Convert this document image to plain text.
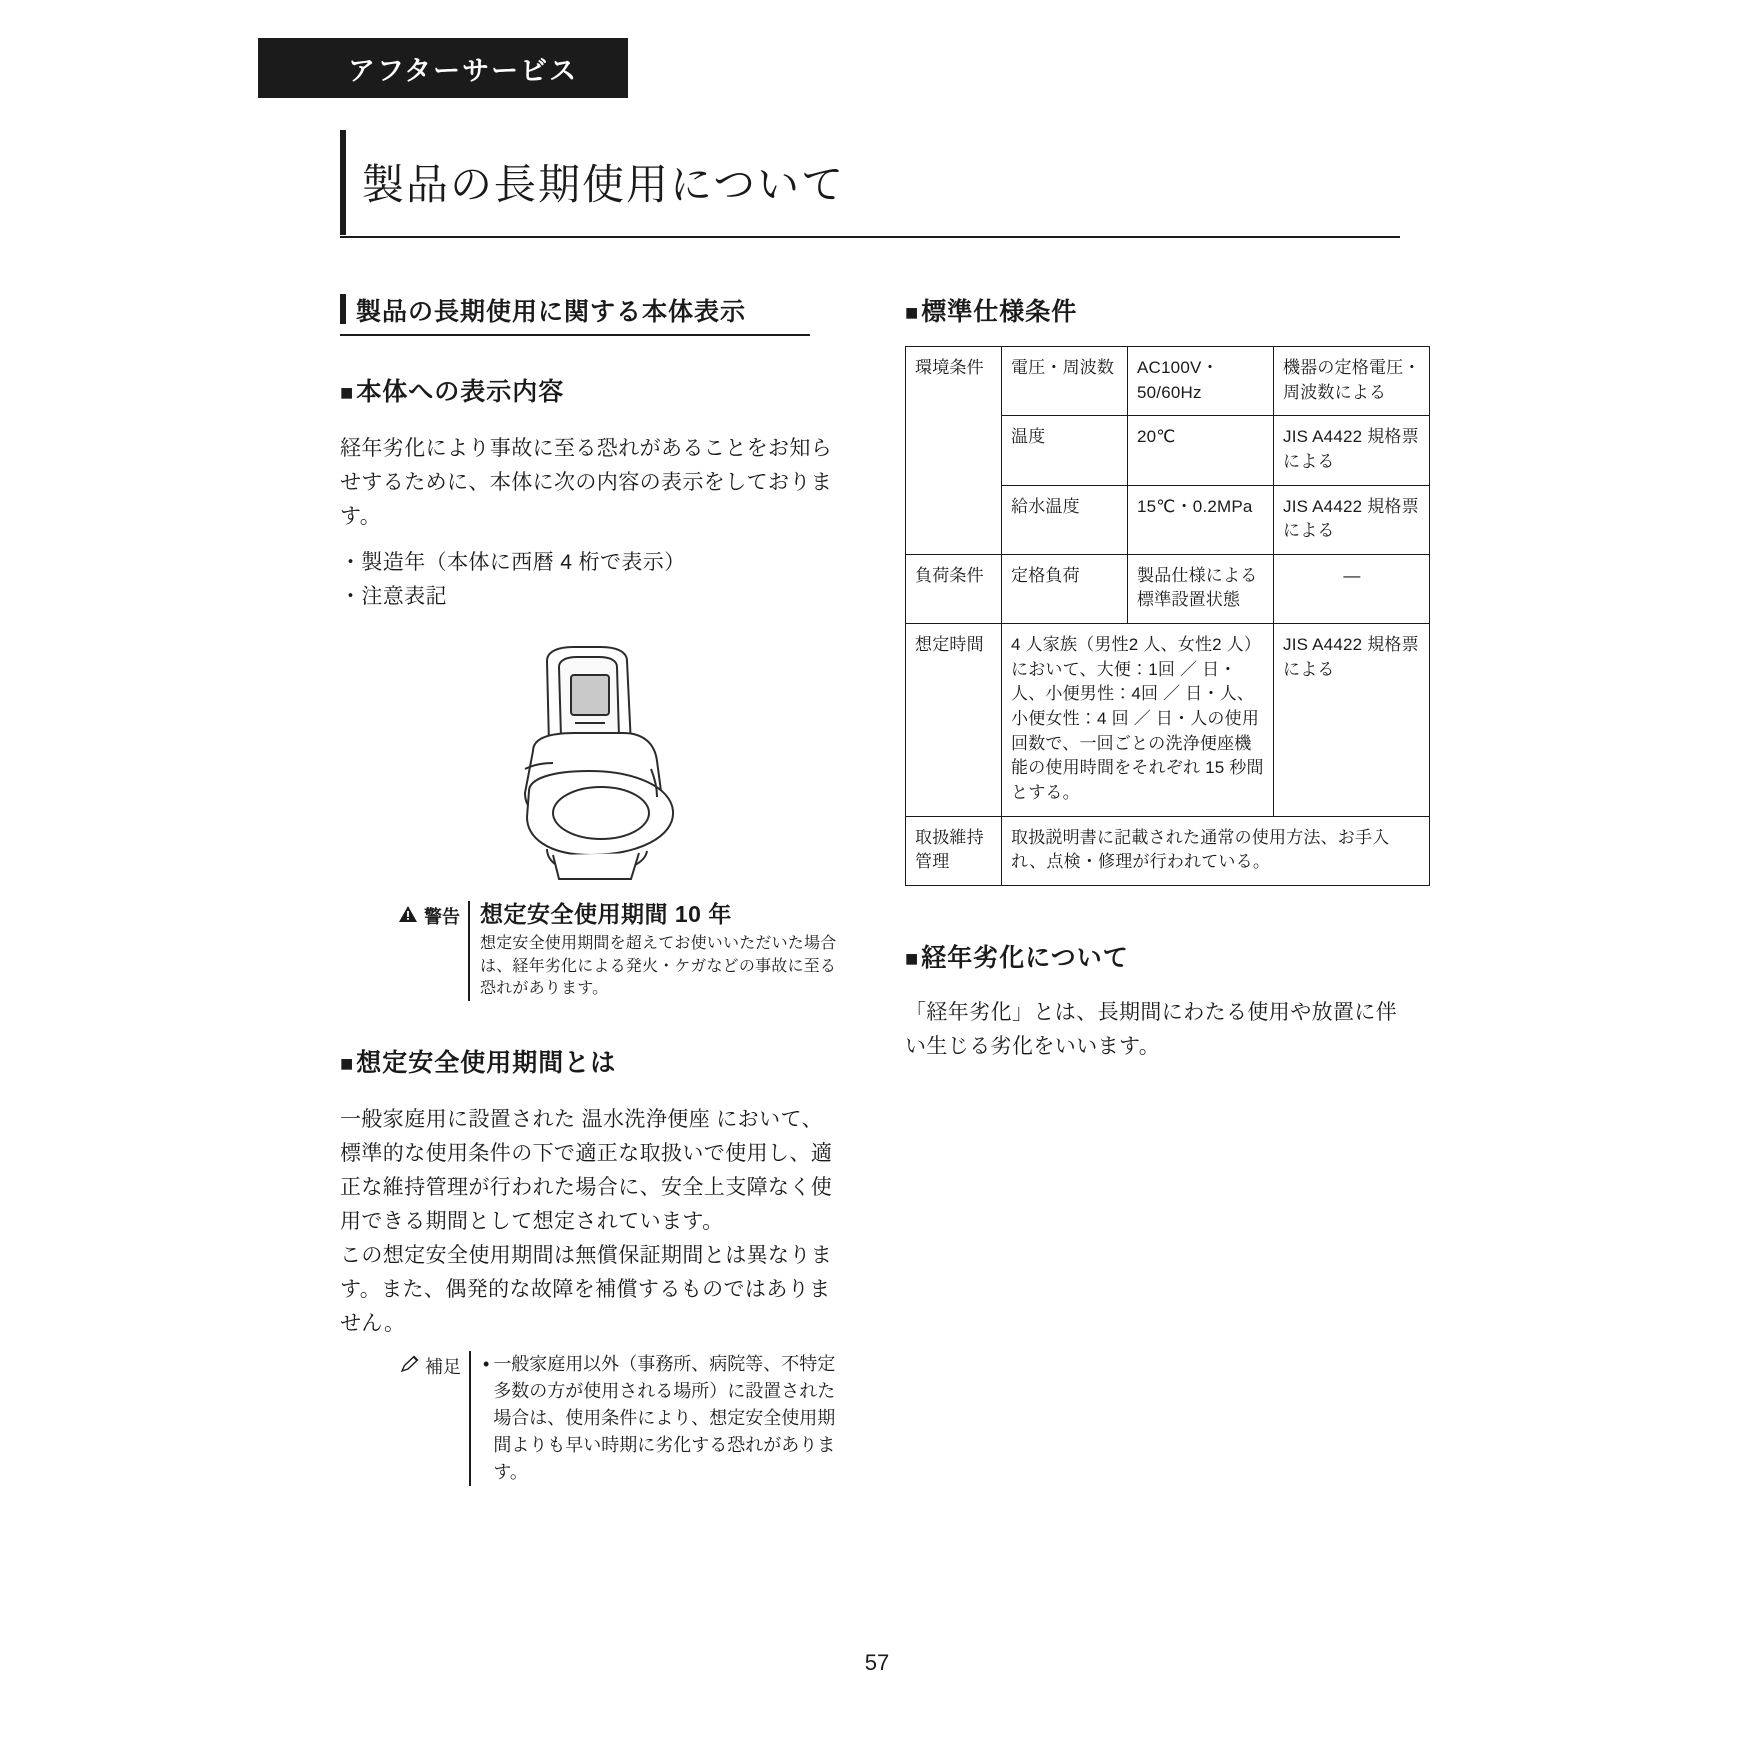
アフターサービス
製品の長期使用について
製品の長期使用に関する本体表示
■本体への表示内容

経年劣化により事故に至る恐れがあることをお知らせするために、本体に次の内容の表示をしております。

・製造年（本体に西暦 4 桁で表示）

・注意表記

警告 想定安全使用期間 10 年
想定安全使用期間を超えてお使いいただいた場合は、経年劣化による発火・ケガなどの事故に至る恐れがあります。
■想定安全使用期間とは

一般家庭用に設置された 温水洗浄便座 において、標準的な使用条件の下で適正な取扱いで使用し、適正な維持管理が行われた場合に、安全上支障なく使用できる期間として想定されています。

この想定安全使用期間は無償保証期間とは異なります。また、偶発的な故障を補償するものではありません。

補足 • 一般家庭用以外（事務所、病院等、不特定多数の方が使用される場所）に設置された場合は、使用条件により、想定安全使用期間よりも早い時期に劣化する恐れがあります。
■標準仕様条件
環境条件	電圧・周波数	AC100V・50/60Hz	機器の定格電圧・周波数による
	温度	20℃	JIS A4422 規格票による
	給水温度	15℃・0.2MPa	JIS A4422 規格票による
負荷条件	定格負荷	製品仕様による標準設置状態	—
想定時間	4 人家族（男性2 人、女性2 人）において、大便：1回 ／ 日・人、小便男性：4回 ／ 日・人、小便女性：4 回 ／ 日・人の使用回数で、一回ごとの洗浄便座機能の使用時間をそれぞれ 15 秒間とする。		JIS A4422 規格票による
取扱維持管理	取扱説明書に記載された通常の使用方法、お手入れ、点検・修理が行われている。		
■経年劣化について

「経年劣化」とは、長期間にわたる使用や放置に伴い生じる劣化をいいます。

57
